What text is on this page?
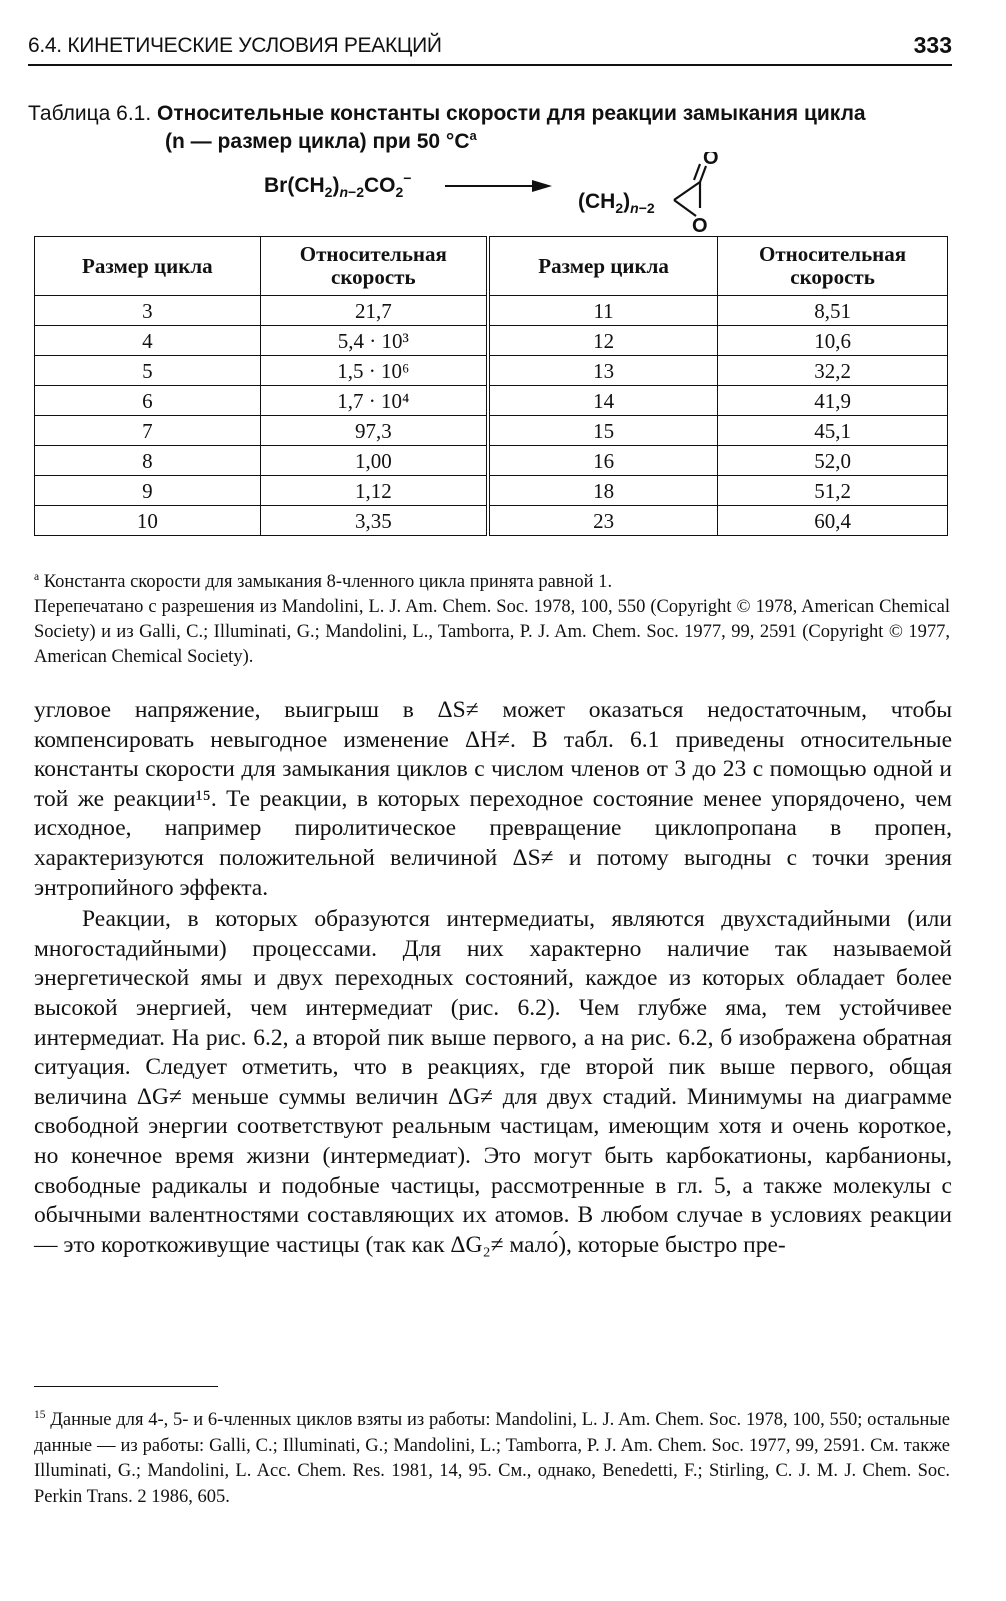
6.4. КИНЕТИЧЕСКИЕ УСЛОВИЯ РЕАКЦИЙ	333
Таблица 6.1. Относительные константы скорости для реакции замыкания цикла
(n — размер цикла) при 50 $^\circ C^a$
$Br(CH_2)_n-2CO_2^-$
$(CH_2)_n-2$
O
O
Размер цикла	Относительная скорость	Размер цикла	Относительная скорость
3	21,7	11	8,51
4	5,4 · 10³	12	10,6
5	1,5 · 10⁶	13	32,2
6	1,7 · 10⁴	14	41,9
7	97,3	15	45,1
8	1,00	16	52,0
9	1,12	18	51,2
10	3,35	23	60,4
$^a$ Константа скорости для замыкания 8-членного цикла принята равной 1.
Перепечатано с разрешения из Mandolini, L. J. Am. Chem. Soc. 1978, 100, 550 (Copyright © 1978, American Chemical Society) и из Galli, C.; Illuminati, G.; Mandolini, L., Tamborra, P. J. Am. Chem. Soc. 1977, 99, 2591 (Copyright © 1977, American Chemical Society).

угловое напряжение, выигрыш в ΔS≠ может оказаться недостаточным, чтобы компенсировать невыгодное изменение ΔH≠. В табл. 6.1 приведены относительные константы скорости для замыкания циклов с числом членов от 3 до 23 с помощью одной и той же реакции¹⁵. Те реакции, в которых переходное состояние менее упорядочено, чем исходное, например пиролитическое превращение циклопропана в пропен, характеризуются положительной величиной ΔS≠ и потому выгодны с точки зрения энтропийного эффекта.

Реакции, в которых образуются интермедиаты, являются двухстадийными (или многостадийными) процессами. Для них характерно наличие так называемой энергетической ямы и двух переходных состояний, каждое из которых обладает более высокой энергией, чем интермедиат (рис. 6.2). Чем глубже яма, тем устойчивее интермедиат. На рис. 6.2, а второй пик выше первого, а на рис. 6.2, б изображена обратная ситуация. Следует отметить, что в реакциях, где второй пик выше первого, общая величина ΔG≠ меньше суммы величин ΔG≠ для двух стадий. Минимумы на диаграмме свободной энергии соответствуют реальным частицам, имеющим хотя и очень короткое, но конечное время жизни (интермедиат). Это могут быть карбокатионы, карбанионы, свободные радикалы и подобные частицы, рассмотренные в гл. 5, а также молекулы с обычными валентностями составляющих их атомов. В любом случае в условиях реакции — это короткоживущие частицы (так как ΔG₂≠ мало́), которые быстро пре-

$^{15}$ Данные для 4-, 5- и 6-членных циклов взяты из работы: Mandolini, L. J. Am. Chem. Soc. 1978, 100, 550; остальные данные — из работы: Galli, C.; Illuminati, G.; Mandolini, L.; Tamborra, P. J. Am. Chem. Soc. 1977, 99, 2591. См. также Illuminati, G.; Mandolini, L. Acc. Chem. Res. 1981, 14, 95. См., однако, Benedetti, F.; Stirling, C. J. M. J. Chem. Soc. Perkin Trans. 2 1986, 605.
